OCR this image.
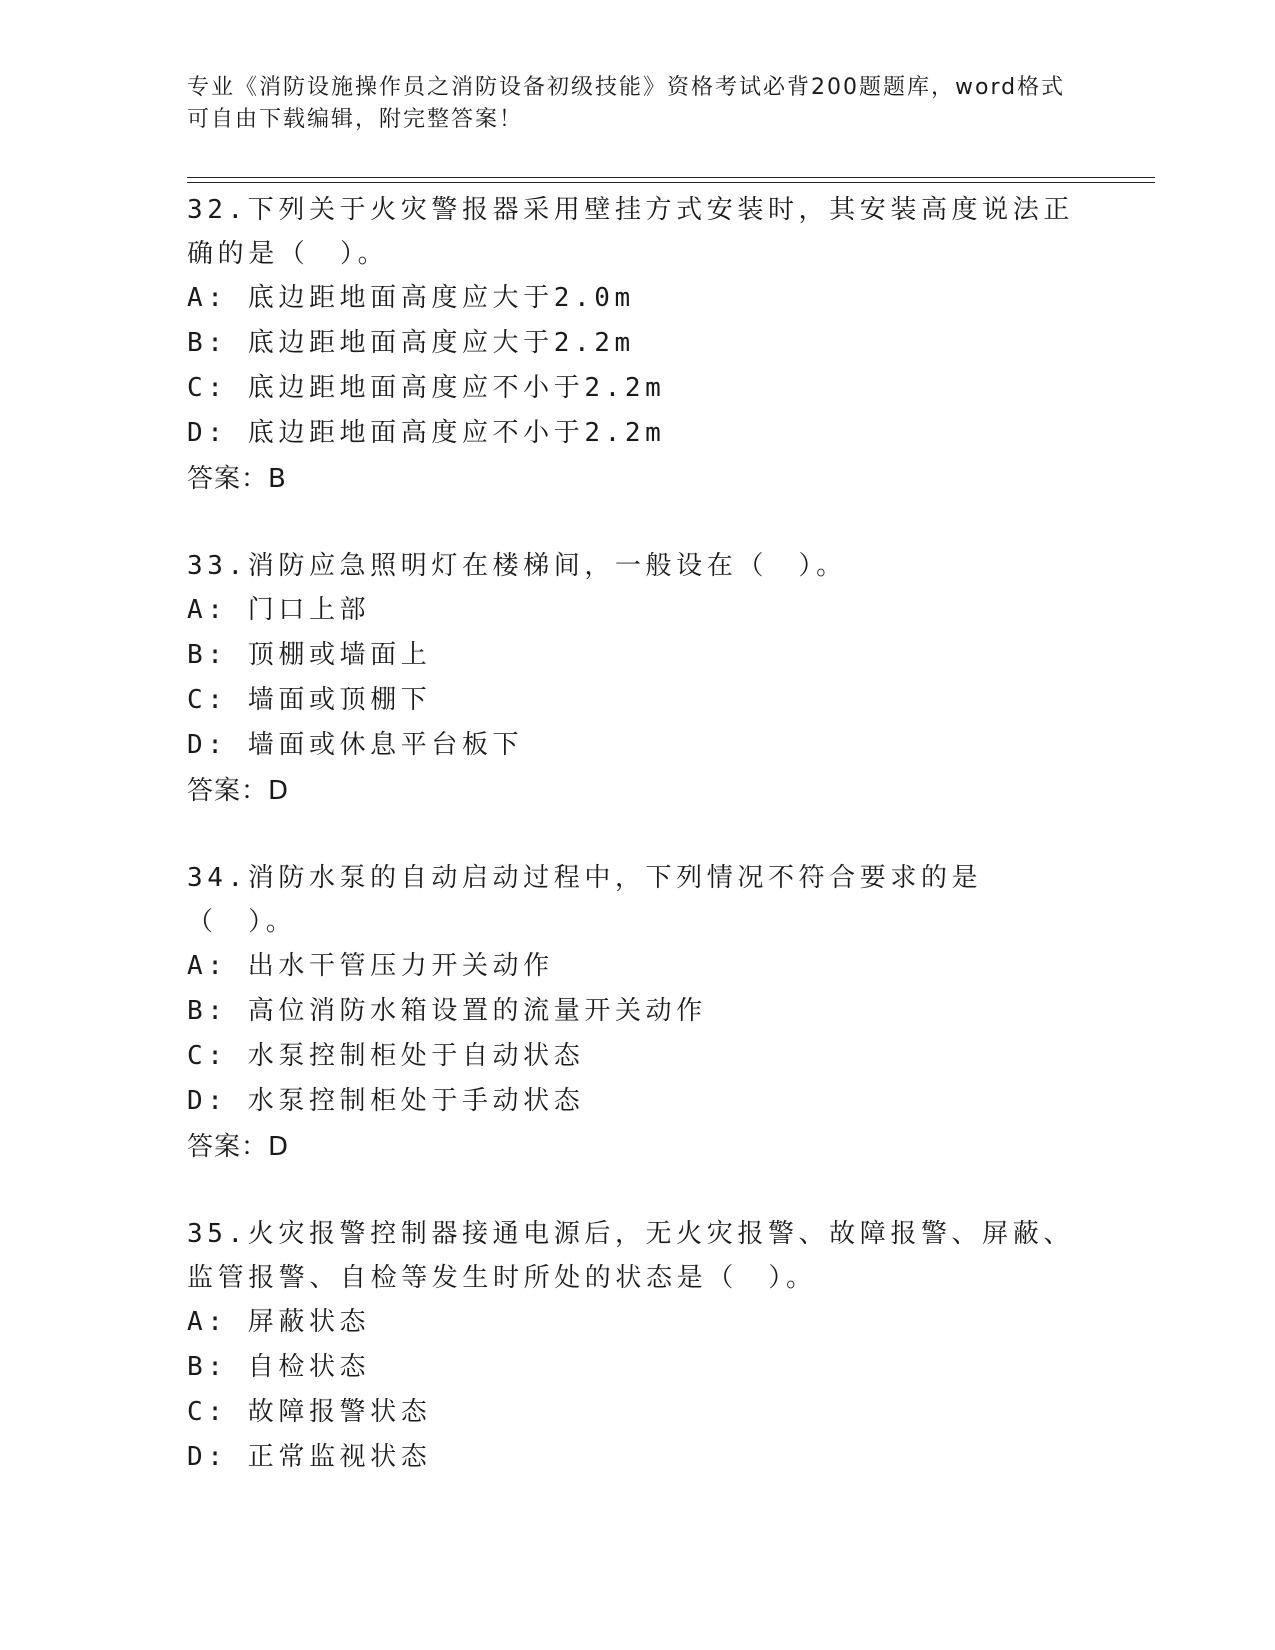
专业《消防设施操作员之消防设备初级技能》资格考试必背200题题库，word格式可自由下载编辑，附完整答案！
32.下列关于火灾警报器采用壁挂方式安装时，其安装高度说法正确的是（　）。
A: 底边距地面高度应大于2.0m
B: 底边距地面高度应大于2.2m
C: 底边距地面高度应不小于2.2m
D: 底边距地面高度应不小于2.2m
答案：B
33.消防应急照明灯在楼梯间，一般设在（　）。
A: 门口上部
B: 顶棚或墙面上
C: 墙面或顶棚下
D: 墙面或休息平台板下
答案：D
34.消防水泵的自动启动过程中，下列情况不符合要求的是（　）。
A: 出水干管压力开关动作
B: 高位消防水箱设置的流量开关动作
C: 水泵控制柜处于自动状态
D: 水泵控制柜处于手动状态
答案：D
35.火灾报警控制器接通电源后，无火灾报警、故障报警、屏蔽、监管报警、自检等发生时所处的状态是（　）。
A: 屏蔽状态
B: 自检状态
C: 故障报警状态
D: 正常监视状态
